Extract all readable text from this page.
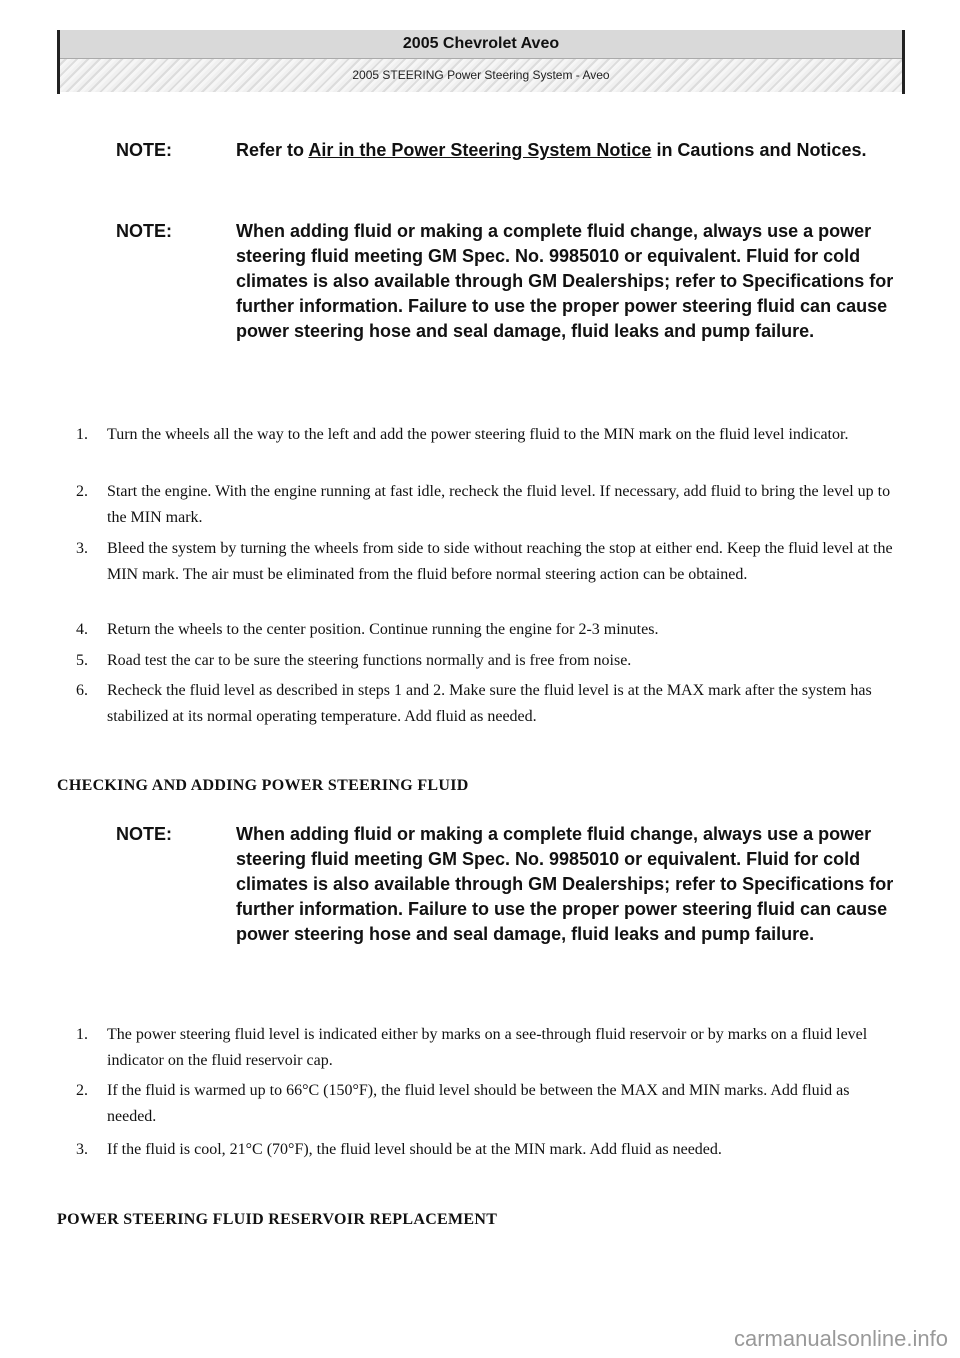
2005 Chevrolet Aveo
2005 STEERING Power Steering System - Aveo
NOTE:	Refer to Air in the Power Steering System Notice in Cautions and Notices.
NOTE:	When adding fluid or making a complete fluid change, always use a power steering fluid meeting GM Spec. No. 9985010 or equivalent. Fluid for cold climates is also available through GM Dealerships; refer to Specifications for further information. Failure to use the proper power steering fluid can cause power steering hose and seal damage, fluid leaks and pump failure.
1. Turn the wheels all the way to the left and add the power steering fluid to the MIN mark on the fluid level indicator.
2. Start the engine. With the engine running at fast idle, recheck the fluid level. If necessary, add fluid to bring the level up to the MIN mark.
3. Bleed the system by turning the wheels from side to side without reaching the stop at either end. Keep the fluid level at the MIN mark. The air must be eliminated from the fluid before normal steering action can be obtained.
4. Return the wheels to the center position. Continue running the engine for 2-3 minutes.
5. Road test the car to be sure the steering functions normally and is free from noise.
6. Recheck the fluid level as described in steps 1 and 2. Make sure the fluid level is at the MAX mark after the system has stabilized at its normal operating temperature. Add fluid as needed.
CHECKING AND ADDING POWER STEERING FLUID
NOTE:	When adding fluid or making a complete fluid change, always use a power steering fluid meeting GM Spec. No. 9985010 or equivalent. Fluid for cold climates is also available through GM Dealerships; refer to Specifications for further information. Failure to use the proper power steering fluid can cause power steering hose and seal damage, fluid leaks and pump failure.
1. The power steering fluid level is indicated either by marks on a see-through fluid reservoir or by marks on a fluid level indicator on the fluid reservoir cap.
2. If the fluid is warmed up to 66°C (150°F), the fluid level should be between the MAX and MIN marks. Add fluid as needed.
3. If the fluid is cool, 21°C (70°F), the fluid level should be at the MIN mark. Add fluid as needed.
POWER STEERING FLUID RESERVOIR REPLACEMENT
carmanualsonline.info
